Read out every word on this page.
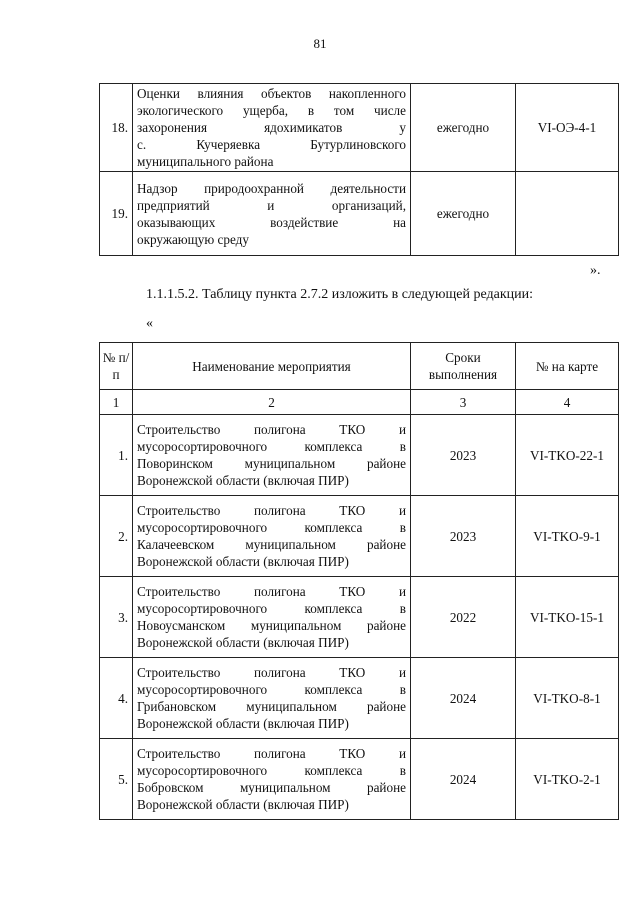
81
18.	Оценки влияния объектов накопленного
экологического ущерба, в том числе
захоронения ядохимикатов у
с. Кучеряевка Бутурлиновского
муниципального района	ежегодно	VI-ОЭ-4-1
19.	Надзор природоохранной деятельности
предприятий и организаций,
оказывающих воздействие на
окружающую среду	ежегодно	
».
1.1.1.5.2. Таблицу пункта 2.7.2 изложить в следующей редакции:
«
№ п/п	Наименование мероприятия	Сроки выполнения	№ на карте
1	2	3	4
1.	Строительство полигона ТКО и
мусоросортировочного комплекса в
Поворинском муниципальном районе
Воронежской области (включая ПИР)	2023	VI-TKO-22-1
2.	Строительство полигона ТКО и
мусоросортировочного комплекса в
Калачеевском муниципальном районе
Воронежской области (включая ПИР)	2023	VI-TKO-9-1
3.	Строительство полигона ТКО и
мусоросортировочного комплекса в
Новоусманском муниципальном районе
Воронежской области (включая ПИР)	2022	VI-TKO-15-1
4.	Строительство полигона ТКО и
мусоросортировочного комплекса в
Грибановском муниципальном районе
Воронежской области (включая ПИР)	2024	VI-TKO-8-1
5.	Строительство полигона ТКО и
мусоросортировочного комплекса в
Бобровском муниципальном районе
Воронежской области (включая ПИР)	2024	VI-TKO-2-1
